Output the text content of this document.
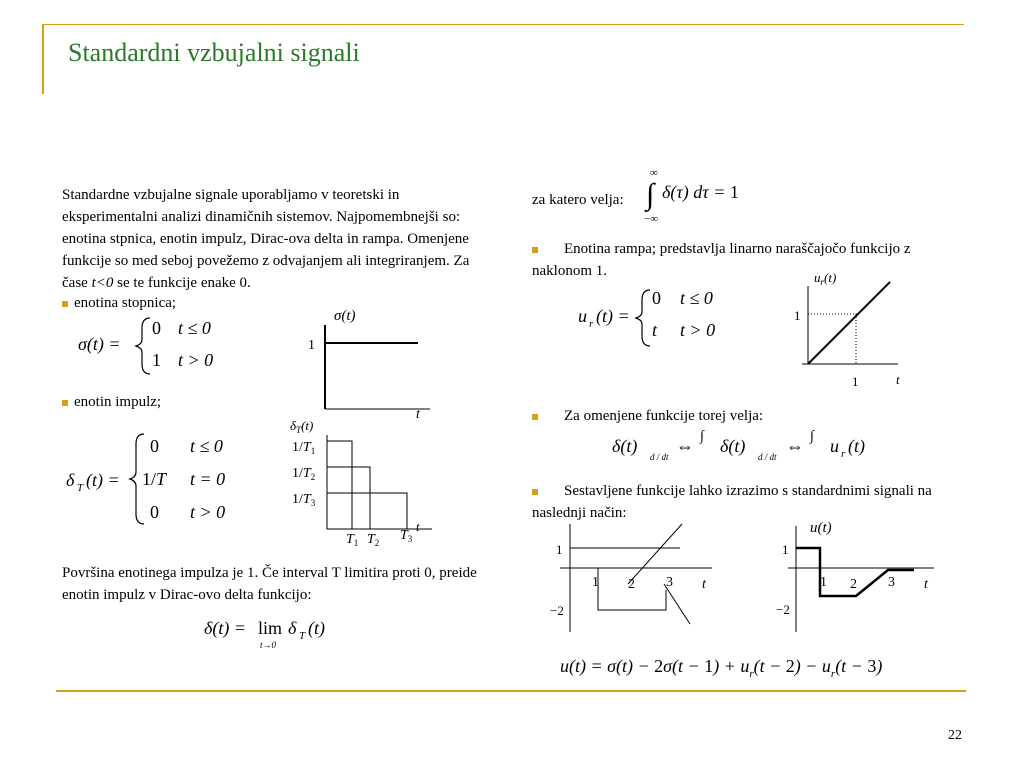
Standardni vzbujalni signali
Standardne vzbujalne signale uporabljamo v teoretski in eksperimentalni analizi dinamičnih sistemov. Najpomembnejši so: enotina stpnica, enotin impulz, Dirac-ova delta in rampa. Omenjene funkcije so med seboj povežemo z odvajanjem ali integriranjem. Za čase t<0 se te funkcije enake 0.
enotina stopnica;
σ(t) =
0 t ≤ 0
1 t > 0
σ(t)
1
t
enotin impulz;
δ T (t) =
0 t ≤ 0
1/T t = 0
0 t > 0
$\delta_T(t)$
$1/T_1$
$1/T_2$
$1/T_3$
t
$T_1$ $T_2$ $T_3$
Površina enotinega impulza je 1. Če interval T limitira proti 0, preide enotin impulz v Dirac-ovo delta funkcijo:
δ(t) = lim
t→0
δ T (t)
za katero velja:
∞
∫
−∞
δ(τ) dτ = 1
Enotina rampa; predstavlja linarno naraščajočo funkcijo z naklonom 1.
u r (t) =
0 t ≤ 0
t t > 0
$u_r(t)$
1
1	t
Za omenjene funkcije torej velja:
δ(t)
d / dt
⇔ ∫ δ(t)
d / dt
⇔ ∫ u r (t)
Sestavljene funkcije lahko izrazimo s standardnimi signali na naslednji način:
1
−2
1 2 3 t
u(t)
1
−2
1 2 3 t
$u(t) = \sigma(t) - 2\sigma(t - 1) + u_r(t - 2) - u_r(t - 3)$
22
